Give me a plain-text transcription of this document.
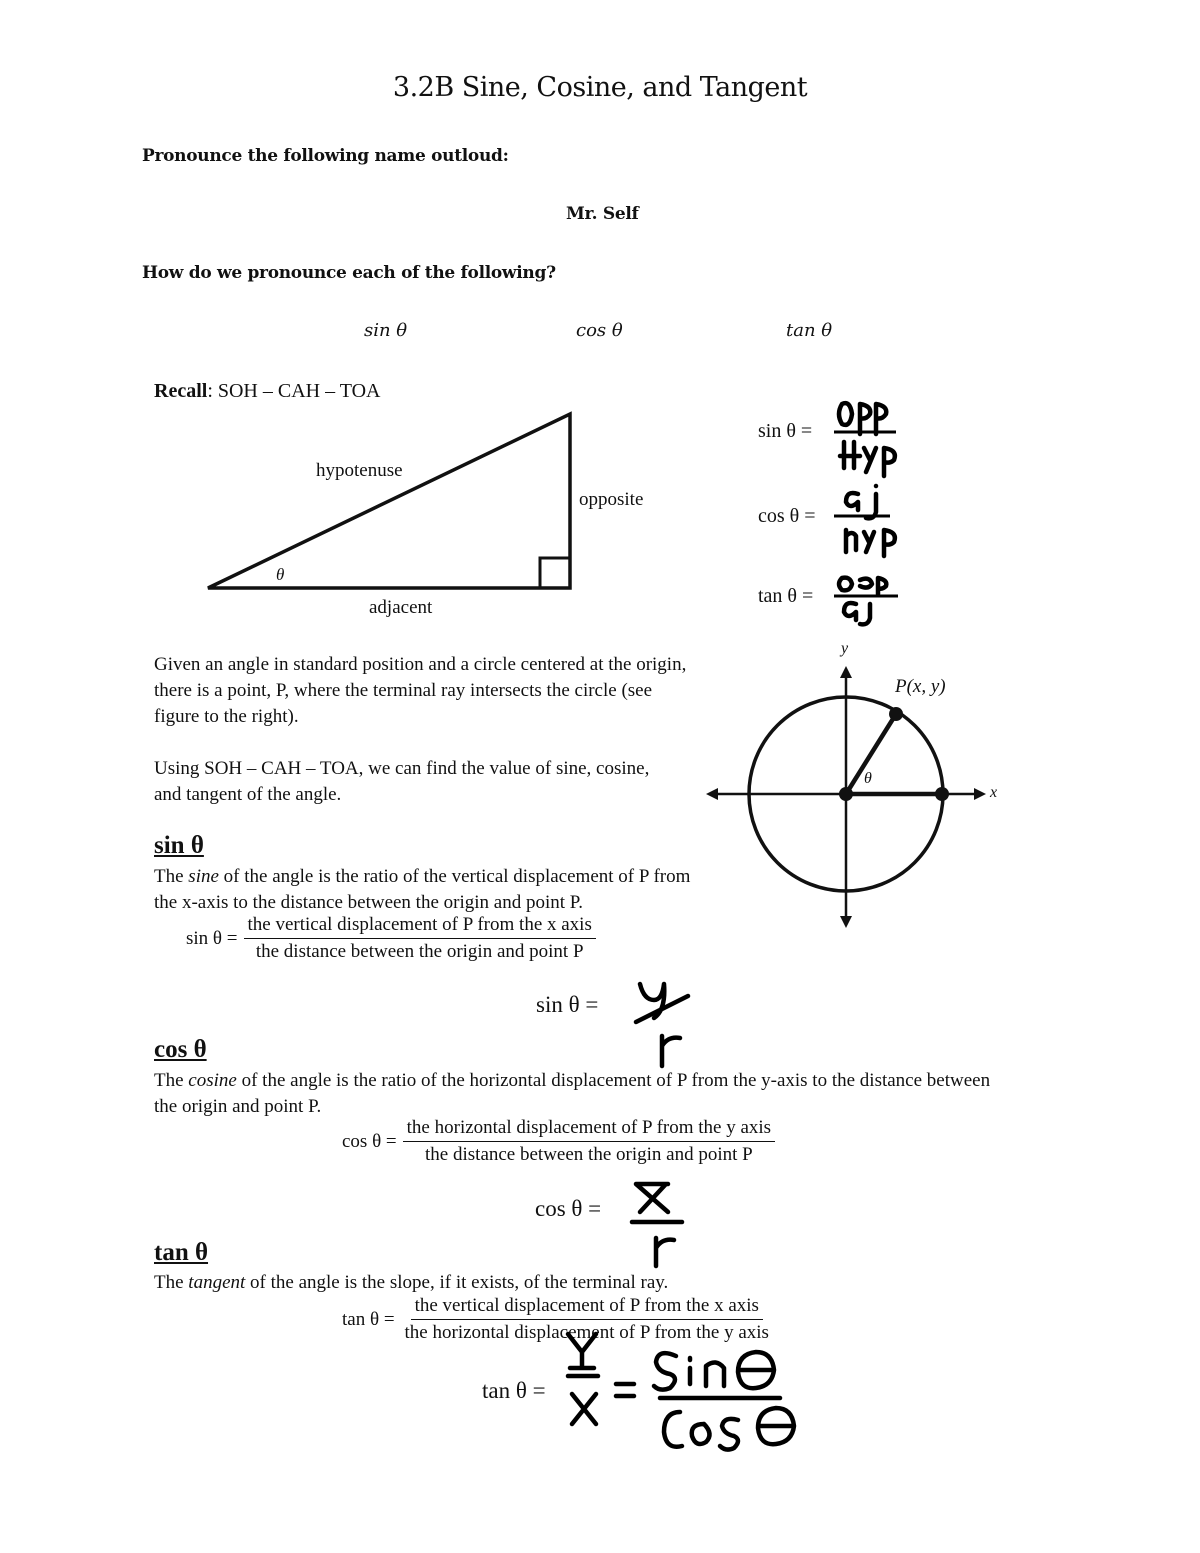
3.2B Sine, Cosine, and Tangent
Pronounce the following name outloud:
Mr. Self
How do we pronounce each of the following?
sin θ	cos θ	tan θ
Recall: SOH – CAH – TOA
hypotenuse
opposite
adjacent
θ
sin θ =
cos θ =
tan θ =
Given an angle in standard position and a circle centered at the origin, there is a point, P, where the terminal ray intersects the circle (see figure to the right).
Using SOH – CAH – TOA, we can find the value of sine, cosine, and tangent of the angle.
y
x
P(x, y)
θ
sin θ
The sine of the angle is the ratio of the vertical displacement of P from the x-axis to the distance between the origin and point P.
$\sin \theta = \frac{\text{the vertical displacement of P from the x axis}}{\text{the distance between the origin and point P}}$
sin θ =
cos θ
The cosine of the angle is the ratio of the horizontal displacement of P from the y-axis to the distance between the origin and point P.
$\cos \theta = \frac{\text{the horizontal displacement of P from the y axis}}{\text{the distance between the origin and point P}}$
cos θ =
tan θ
The tangent of the angle is the slope, if it exists, of the terminal ray.
$\tan \theta = \frac{\text{the vertical displacement of P from the x axis}}{\text{the horizontal displacement of P from the y axis}}$
tan θ =
